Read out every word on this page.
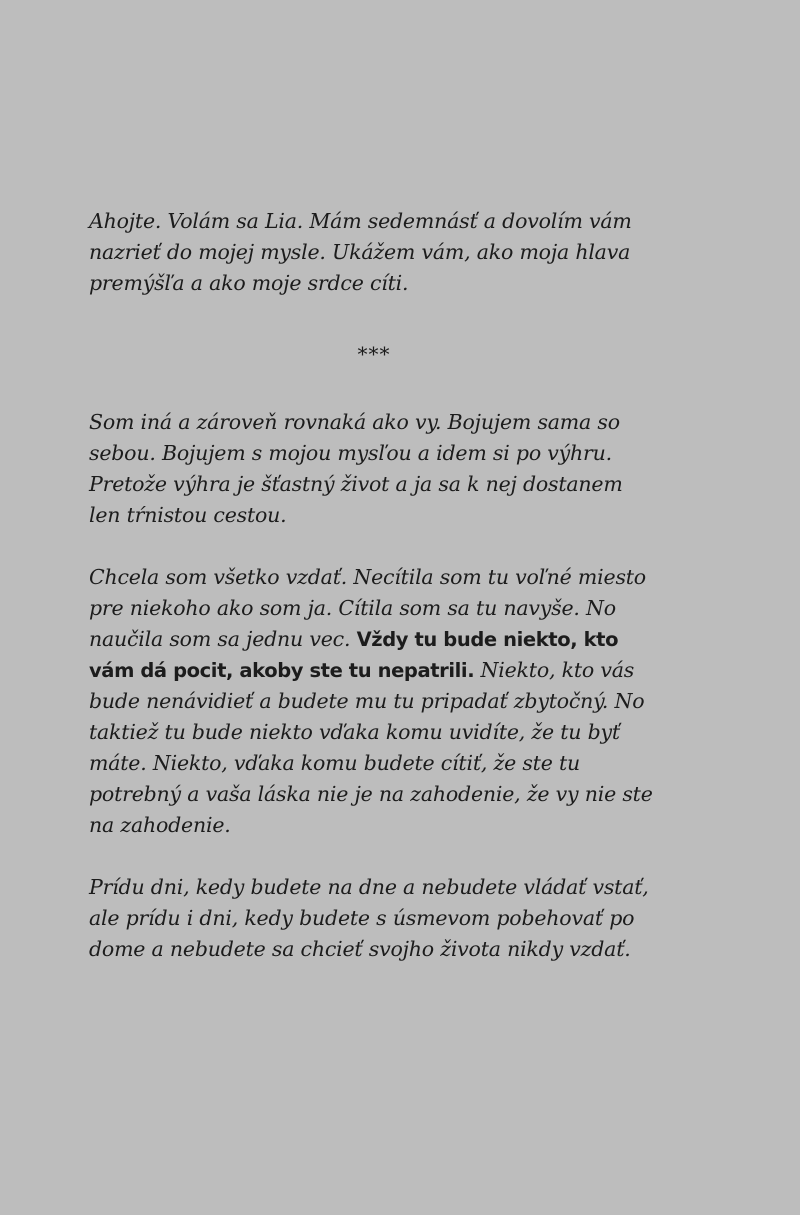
Ahojte. Volám sa Lia. Mám sedemnásť a dovolím vám nazrieť do mojej mysle. Ukážem vám, ako moja hlava premýšľa a ako moje srdce cíti.

***

Som iná a zároveň rovnaká ako vy. Bojujem sama so sebou. Bojujem s mojou mysľou a idem si po výhru. Pretože výhra je šťastný život a ja sa k nej dostanem len tŕnistou cestou.

Chcela som všetko vzdať. Necítila som tu voľné miesto pre niekoho ako som ja. Cítila som sa tu navyše. No naučila som sa jednu vec. Vždy tu bude niekto, kto vám dá pocit, akoby ste tu nepatrili. Niekto, kto vás bude nenávidieť a budete mu tu pripadať zbytočný. No taktiež tu bude niekto vďaka komu uvidíte, že tu byť máte. Niekto, vďaka komu budete cítiť, že ste tu potrebný a vaša láska nie je na zahodenie, že vy nie ste na zahodenie.

Prídu dni, kedy budete na dne a nebudete vládať vstať, ale prídu i dni, kedy budete s úsmevom pobehovať po dome a nebudete sa chcieť svojho života nikdy vzdať.
